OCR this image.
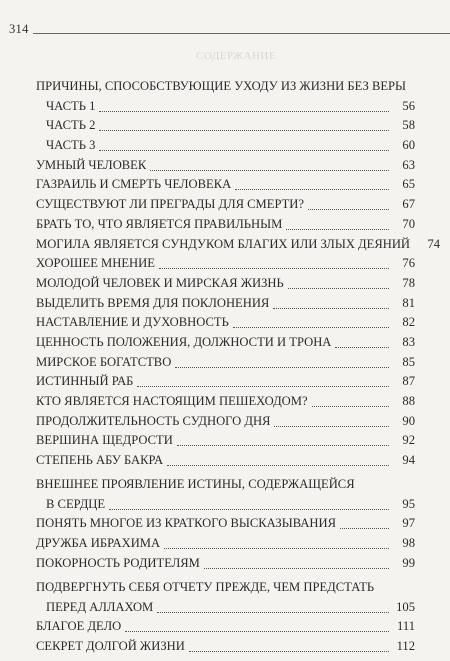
314
СОДЕРЖАНИЕ
ПРИЧИНЫ, СПОСОБСТВУЮЩИЕ УХОДУ ИЗ ЖИЗНИ БЕЗ ВЕРЫ
ЧАСТЬ 1	56
ЧАСТЬ 2	58
ЧАСТЬ 3	60
УМНЫЙ ЧЕЛОВЕК	63
ГАЗРАИЛЬ И СМЕРТЬ ЧЕЛОВЕКА	65
СУЩЕСТВУЮТ ЛИ ПРЕГРАДЫ ДЛЯ СМЕРТИ?	67
БРАТЬ ТО, ЧТО ЯВЛЯЕТСЯ ПРАВИЛЬНЫМ	70
МОГИЛА ЯВЛЯЕТСЯ СУНДУКОМ БЛАГИХ ИЛИ ЗЛЫХ ДЕЯНИЙ	74
ХОРОШЕЕ МНЕНИЕ	76
МОЛОДОЙ ЧЕЛОВЕК И МИРСКАЯ ЖИЗНЬ	78
ВЫДЕЛИТЬ ВРЕМЯ ДЛЯ ПОКЛОНЕНИЯ	81
НАСТАВЛЕНИЕ И ДУХОВНОСТЬ	82
ЦЕННОСТЬ ПОЛОЖЕНИЯ, ДОЛЖНОСТИ И ТРОНА	83
МИРСКОЕ БОГАТСТВО	85
ИСТИННЫЙ РАБ	87
КТО ЯВЛЯЕТСЯ НАСТОЯЩИМ ПЕШЕХОДОМ?	88
ПРОДОЛЖИТЕЛЬНОСТЬ СУДНОГО ДНЯ	90
ВЕРШИНА ЩЕДРОСТИ	92
СТЕПЕНЬ АБУ БАКРА	94
ВНЕШНЕЕ ПРОЯВЛЕНИЕ ИСТИНЫ, СОДЕРЖАЩЕЙСЯ
В СЕРДЦЕ	95
ПОНЯТЬ МНОГОЕ ИЗ КРАТКОГО ВЫСКАЗЫВАНИЯ	97
ДРУЖБА ИБРАХИМА	98
ПОКОРНОСТЬ РОДИТЕЛЯМ	99
ПОДВЕРГНУТЬ СЕБЯ ОТЧЕТУ ПРЕЖДЕ, ЧЕМ ПРЕДСТАТЬ
ПЕРЕД АЛЛАХОМ	105
БЛАГОЕ ДЕЛО	111
СЕКРЕТ ДОЛГОЙ ЖИЗНИ	112
